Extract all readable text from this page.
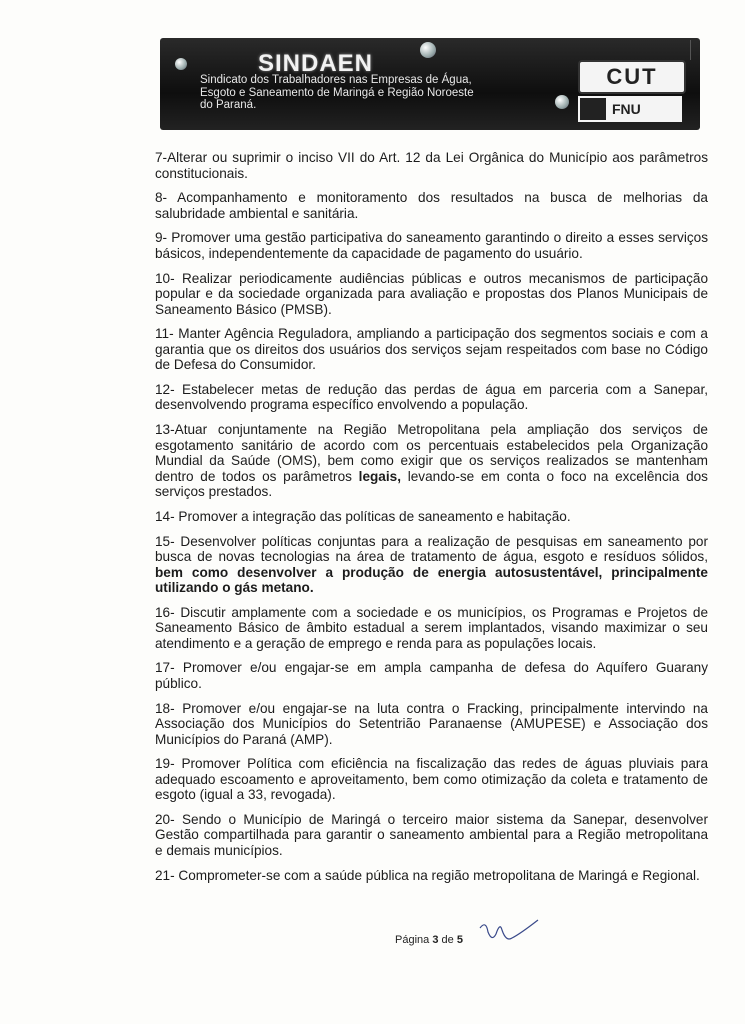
SINDAEN
Sindicato dos Trabalhadores nas Empresas de Água,
Esgoto e Saneamento de Maringá e Região Noroeste
do Paraná.
CUT
FNU

7-Alterar ou suprimir o inciso VII do Art. 12 da Lei Orgânica do Município aos parâmetros constitucionais.

8- Acompanhamento e monitoramento dos resultados na busca de melhorias da salubridade ambiental e sanitária.

9- Promover uma gestão participativa do saneamento garantindo o direito a esses serviços básicos, independentemente da capacidade de pagamento do usuário.

10- Realizar periodicamente audiências públicas e outros mecanismos de participação popular e da sociedade organizada para avaliação e propostas dos Planos Municipais de Saneamento Básico (PMSB).

11- Manter Agência Reguladora, ampliando a participação dos segmentos sociais e com a garantia que os direitos dos usuários dos serviços sejam respeitados com base no Código de Defesa do Consumidor.

12- Estabelecer metas de redução das perdas de água em parceria com a Sanepar, desenvolvendo programa específico envolvendo a população.

13-Atuar conjuntamente na Região Metropolitana pela ampliação dos serviços de esgotamento sanitário de acordo com os percentuais estabelecidos pela Organização Mundial da Saúde (OMS), bem como exigir que os serviços realizados se mantenham dentro de todos os parâmetros legais, levando-se em conta o foco na excelência dos serviços prestados.

14- Promover a integração das políticas de saneamento e habitação.

15- Desenvolver políticas conjuntas para a realização de pesquisas em saneamento por busca de novas tecnologias na área de tratamento de água, esgoto e resíduos sólidos, bem como desenvolver a produção de energia autosustentável, principalmente utilizando o gás metano.

16- Discutir amplamente com a sociedade e os municípios, os Programas e Projetos de Saneamento Básico de âmbito estadual a serem implantados, visando maximizar o seu atendimento e a geração de emprego e renda para as populações locais.

17- Promover e/ou engajar-se em ampla campanha de defesa do Aquífero Guarany público.

18- Promover e/ou engajar-se na luta contra o Fracking, principalmente intervindo na Associação dos Municípios do Setentrião Paranaense (AMUPESE) e Associação dos Municípios do Paraná (AMP).

19- Promover Política com eficiência na fiscalização das redes de águas pluviais para adequado escoamento e aproveitamento, bem como otimização da coleta e tratamento de esgoto (igual a 33, revogada).

20- Sendo o Município de Maringá o terceiro maior sistema da Sanepar, desenvolver Gestão compartilhada para garantir o saneamento ambiental para a Região metropolitana e demais municípios.

21- Comprometer-se com a saúde pública na região metropolitana de Maringá e Regional.

Página 3 de 5
